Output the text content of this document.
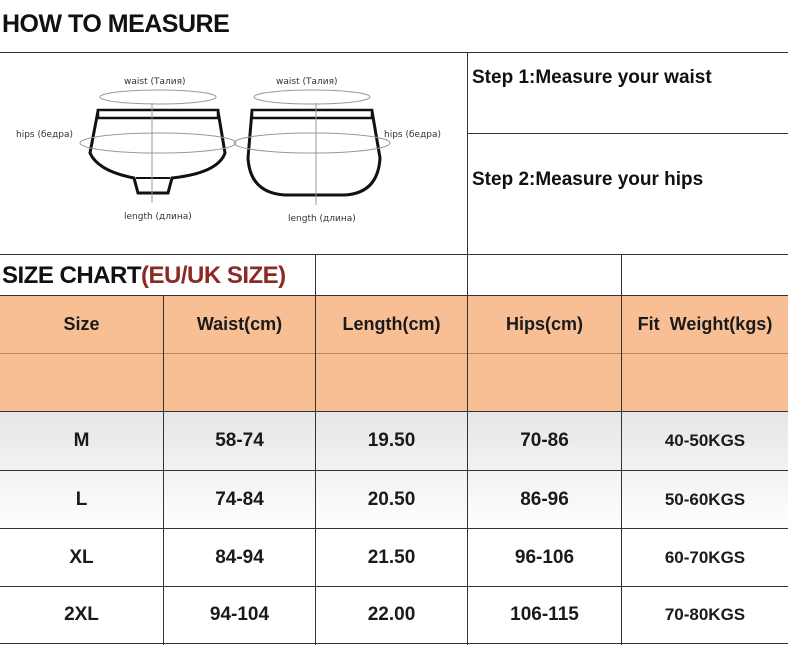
HOW TO MEASURE
waist (Талия)	waist (Талия)
hips (бедра)	hips (бедра)
length (длина)	length (длина)
Step 1:Measure your waist
Step 2:Measure your hips
SIZE CHART(EU/UK SIZE)
Size	Waist(cm)	Length(cm)	Hips(cm)	Fit  Weight(kgs)
M	58-74	19.50	70-86	40-50KGS
L	74-84	20.50	86-96	50-60KGS
XL	84-94	21.50	96-106	60-70KGS
2XL	94-104	22.00	106-115	70-80KGS
